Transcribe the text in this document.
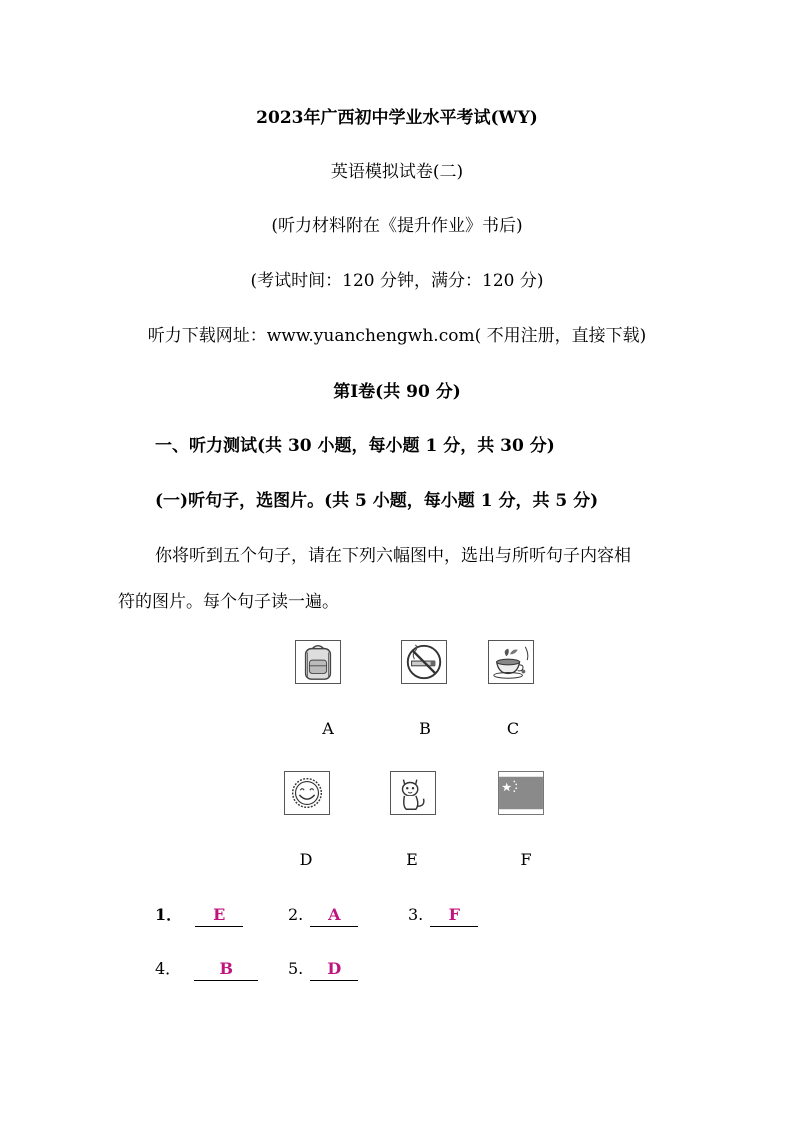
2023年广西初中学业水平考试(WY)
英语模拟试卷(二)
(听力材料附在《提升作业》书后)
(考试时间：120 分钟，满分：120 分)
听力下载网址：www.yuanchengwh.com( 不用注册，直接下载)
第Ⅰ卷(共 90 分)
一、听力测试(共 30 小题，每小题 1 分，共 30 分)
(一)听句子，选图片。(共 5 小题，每小题 1 分，共 5 分)
你将听到五个句子，请在下列六幅图中，选出与所听句子内容相
符的图片。每个句子读一遍。
A	B	C
D	E	F
1． E	2. A	3. F
4． B	5. D
